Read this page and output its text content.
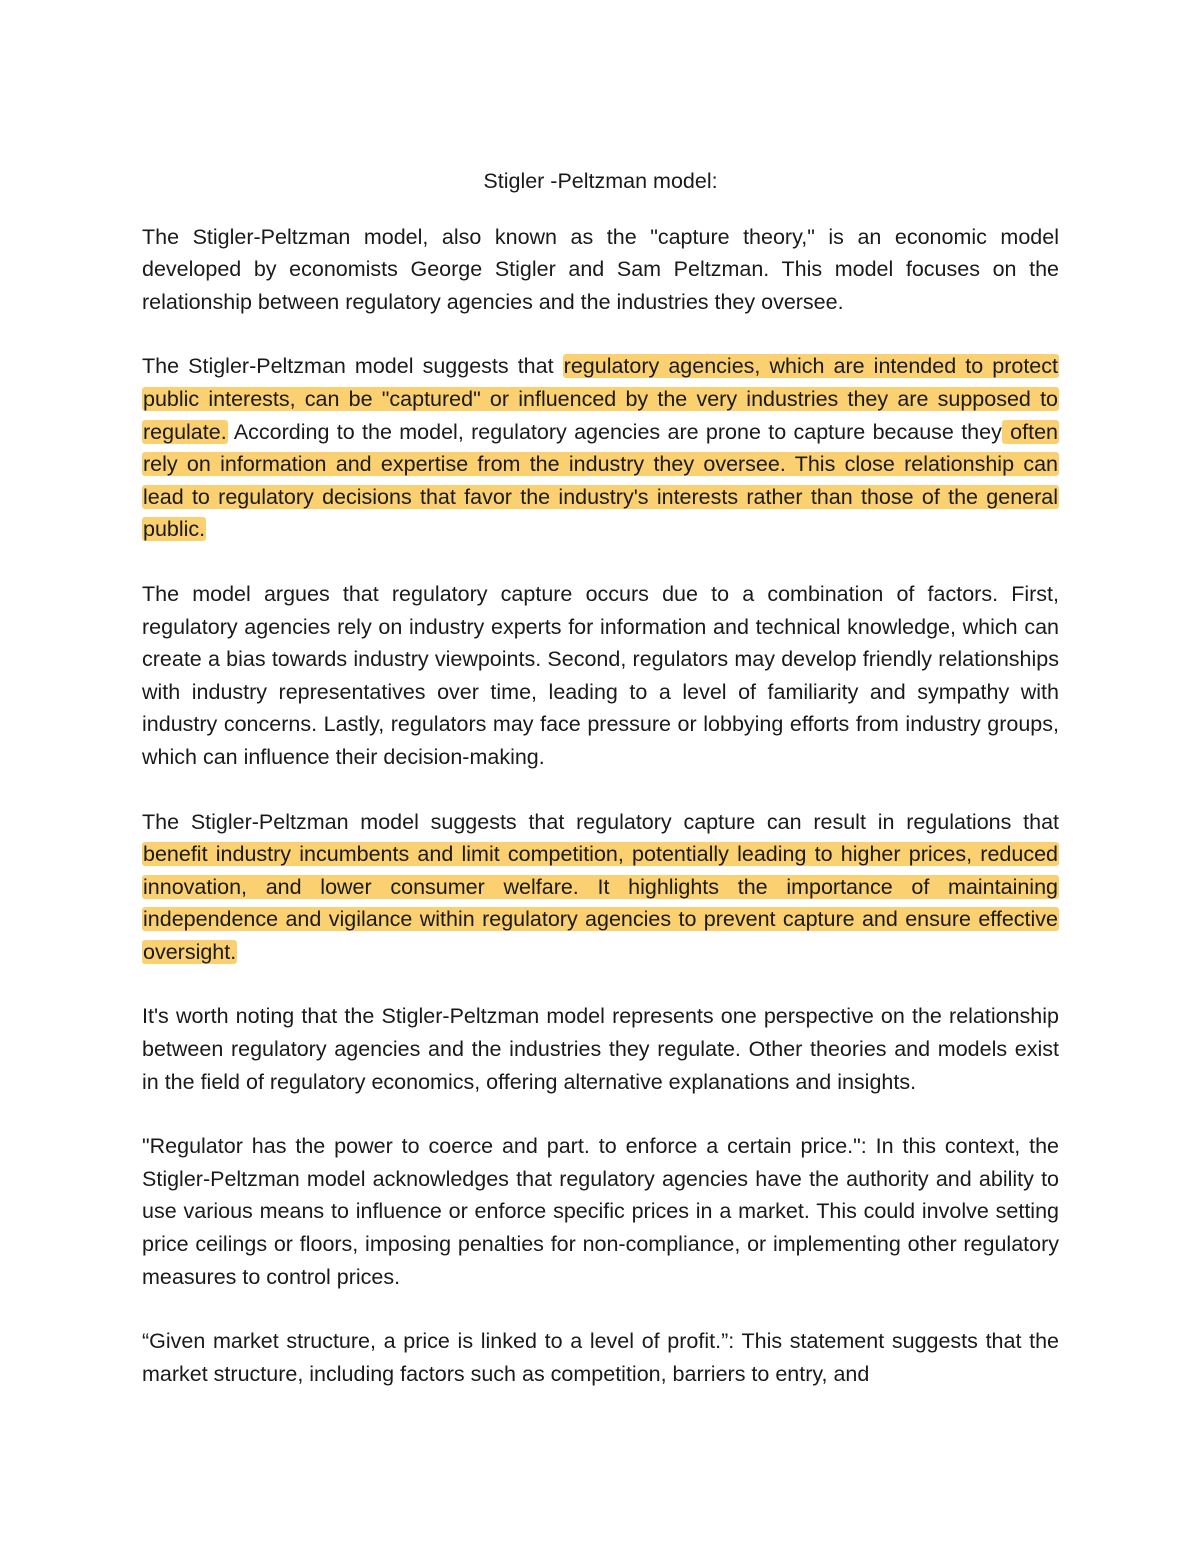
Stigler -Peltzman model:

The Stigler-Peltzman model, also known as the "capture theory," is an economic model developed by economists George Stigler and Sam Peltzman. This model focuses on the relationship between regulatory agencies and the industries they oversee.

The Stigler-Peltzman model suggests that regulatory agencies, which are intended to protect public interests, can be "captured" or influenced by the very industries they are supposed to regulate. According to the model, regulatory agencies are prone to capture because they often rely on information and expertise from the industry they oversee. This close relationship can lead to regulatory decisions that favor the industry's interests rather than those of the general public.

The model argues that regulatory capture occurs due to a combination of factors. First, regulatory agencies rely on industry experts for information and technical knowledge, which can create a bias towards industry viewpoints. Second, regulators may develop friendly relationships with industry representatives over time, leading to a level of familiarity and sympathy with industry concerns. Lastly, regulators may face pressure or lobbying efforts from industry groups, which can influence their decision-making.

The Stigler-Peltzman model suggests that regulatory capture can result in regulations that benefit industry incumbents and limit competition, potentially leading to higher prices, reduced innovation, and lower consumer welfare. It highlights the importance of maintaining independence and vigilance within regulatory agencies to prevent capture and ensure effective oversight.

It's worth noting that the Stigler-Peltzman model represents one perspective on the relationship between regulatory agencies and the industries they regulate. Other theories and models exist in the field of regulatory economics, offering alternative explanations and insights.

"Regulator has the power to coerce and part. to enforce a certain price.": In this context, the Stigler-Peltzman model acknowledges that regulatory agencies have the authority and ability to use various means to influence or enforce specific prices in a market. This could involve setting price ceilings or floors, imposing penalties for non-compliance, or implementing other regulatory measures to control prices.

“Given market structure, a price is linked to a level of profit.”: This statement suggests that the market structure, including factors such as competition, barriers to entry, and
